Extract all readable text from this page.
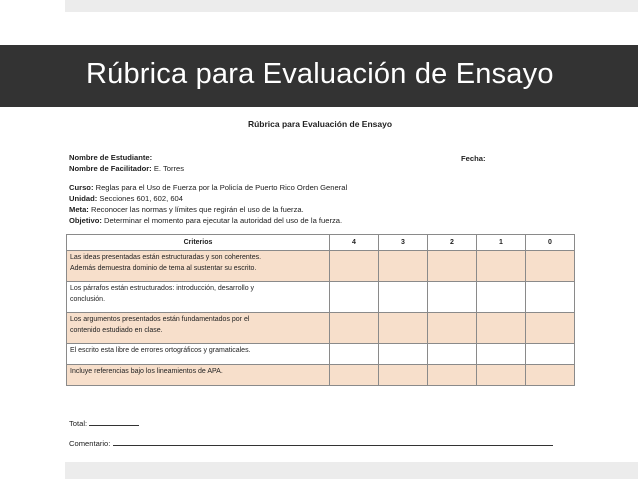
Rúbrica para Evaluación de Ensayo
Rúbrica para Evaluación de Ensayo
Nombre de Estudiante:	Fecha:
Nombre de Facilitador: E. Torres
Curso: Reglas para el Uso de Fuerza por la Policía de Puerto Rico Orden General
Unidad: Secciones 601, 602, 604
Meta: Reconocer las normas y límites que regirán el uso de la fuerza.
Objetivo: Determinar el momento para ejecutar la autoridad del uso de la fuerza.
Criterios	4	3	2	1	0

Las ideas presentadas están estructuradas y son coherentes.
Además demuestra dominio de tema al sustentar su escrito.					

Los párrafos están estructurados: introducción, desarrollo y
conclusión.					

Los argumentos presentados están fundamentados por el
contenido estudiado en clase.					

El escrito esta libre de errores ortográficos y gramaticales.					

Incluye referencias bajo los lineamientos de APA.					

Total:
Comentario:
